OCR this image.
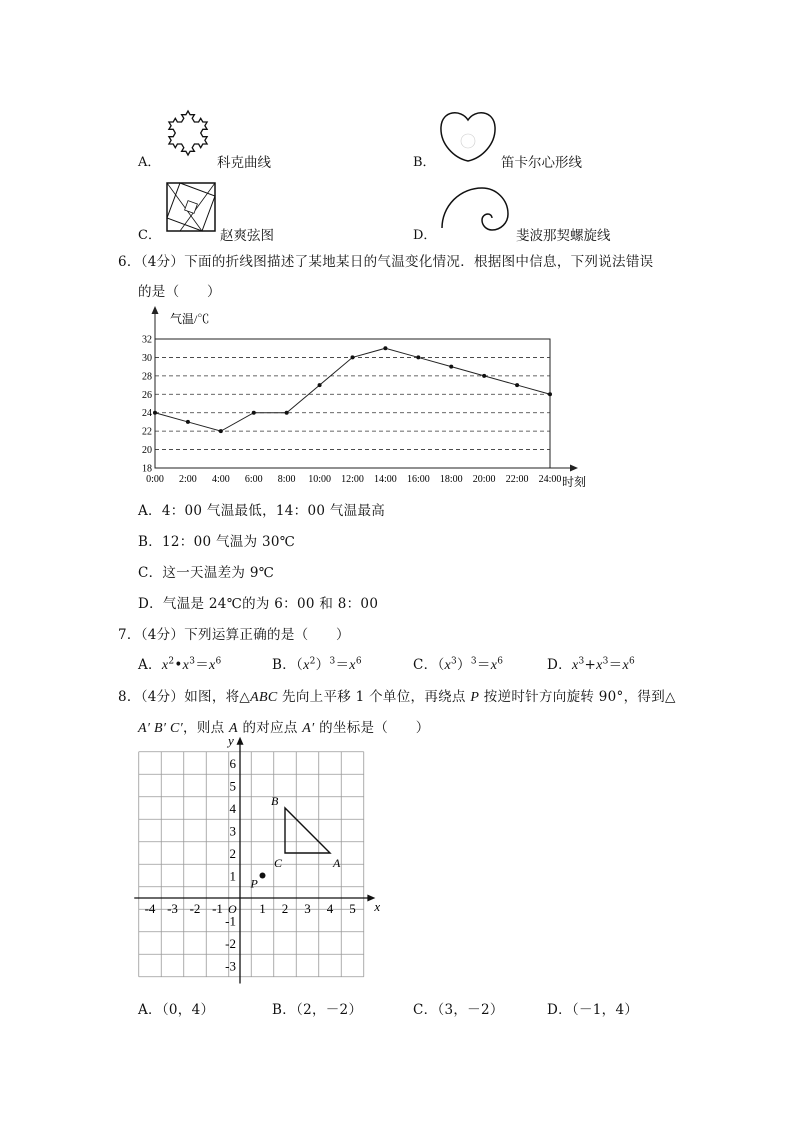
A．	科克曲线	B．	笛卡尔心形线
C．	赵爽弦图	D．	斐波那契螺旋线
6．（4分）下面的折线图描述了某地某日的气温变化情况．根据图中信息，下列说法错误
的是（　　）
18
20
22
24
26
28
30
32
0:00 2:00 4:00 6:00 8:00 10:00 12:00 14:00 16:00 18:00 20:00 22:00 24:00
气温/℃
时刻
A．4：00 气温最低，14：00 气温最高
B．12：00 气温为 30℃
C．这一天温差为 9℃
D．气温是 24℃的为 6：00 和 8：00
7．（4分）下列运算正确的是（　　）
A．$x^2•x^3=x^6$	B．$(x^2)^3=x^6$	C．$(x^3)^3=x^6$	D．$x^3+x^3=x^6$
8．（4分）如图，将△ABC 先向上平移 1 个单位，再绕点 P 按逆时针方向旋转 90°，得到△
A′ B′ C′，则点 A 的对应点 A′ 的坐标是（　　）
x
y
O
-4 -3 -2 -1	1 2 3 4 5
-3
-2
-1
1
2
3
4
5
6
A
B
C
P
A．（0，4）	B．（2，－2）	C．（3，－2）	D．（－1，4）
